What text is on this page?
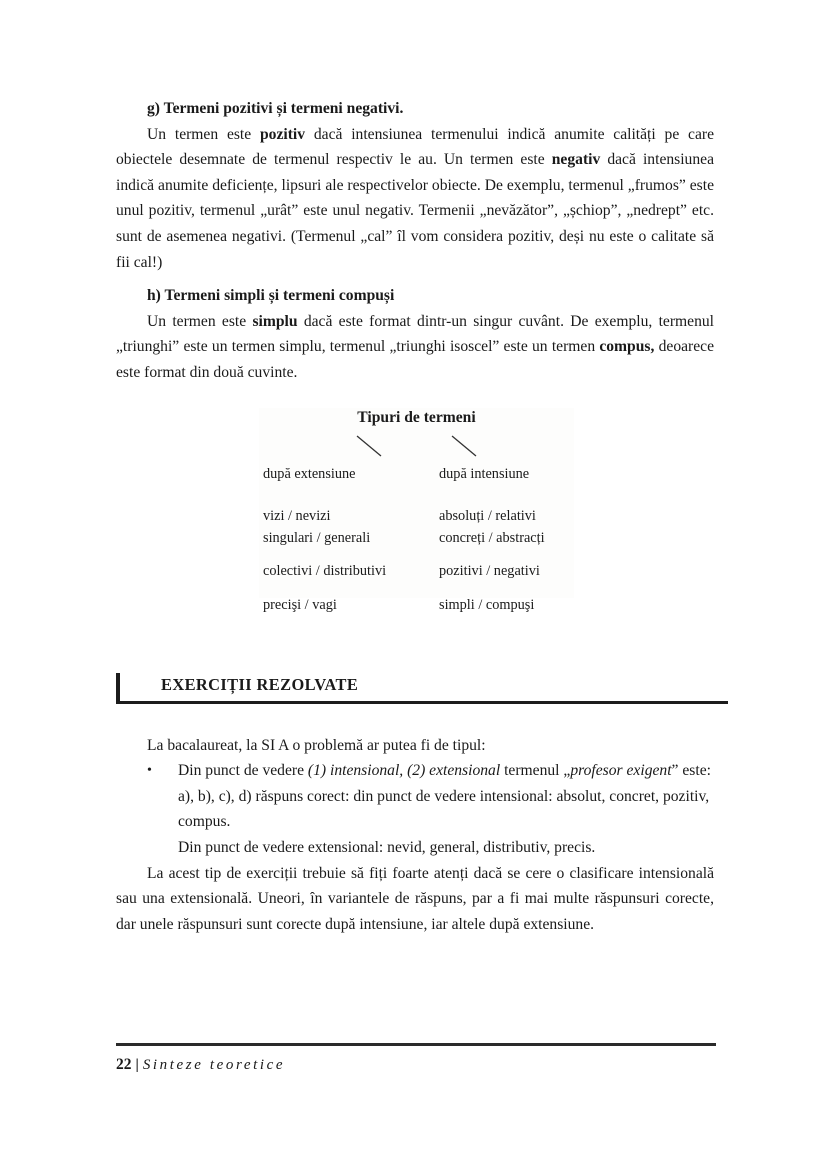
g) Termeni pozitivi și termeni negativi.

Un termen este pozitiv dacă intensiunea termenului indică anumite calități pe care obiectele desemnate de termenul respectiv le au. Un termen este negativ dacă intensiunea indică anumite deficiențe, lipsuri ale respectivelor obiecte. De exemplu, termenul „frumos” este unul pozitiv, termenul „urât” este unul negativ. Termenii „nevăzător”, „șchiop”, „nedrept” etc. sunt de asemenea negativi. (Termenul „cal” îl vom considera pozitiv, deși nu este o calitate să fii cal!)

h) Termeni simpli și termeni compuși

Un termen este simplu dacă este format dintr-un singur cuvânt. De exemplu, termenul „triunghi” este un termen simplu, termenul „triunghi isoscel” este un termen compus, deoarece este format din două cuvinte.

Tipuri de termeni
după extensiune
vizi / nevizi
singulari / generali
colectivi / distributivi
precişi / vagi
după intensiune
absoluți / relativi
concreți / abstracți
pozitivi / negativi
simpli / compuşi
EXERCIȚII REZOLVATE

La bacalaureat, la SI A o problemă ar putea fi de tipul:

• Din punct de vedere (1) intensional, (2) extensional termenul „profesor exigent” este:

a), b), c), d) răspuns corect: din punct de vedere intensional: absolut, concret, pozitiv, compus.

Din punct de vedere extensional: nevid, general, distributiv, precis.

La acest tip de exerciții trebuie să fiți foarte atenți dacă se cere o clasificare intensională sau una extensională. Uneori, în variantele de răspuns, par a fi mai multe răspunsuri corecte, dar unele răspunsuri sunt corecte după intensiune, iar altele după extensiune.

22 | Sinteze teoretice
